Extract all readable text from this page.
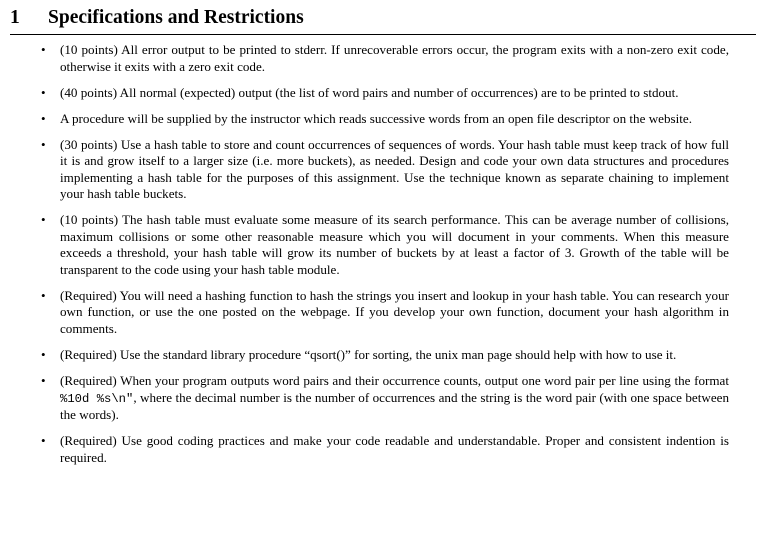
1 Specifications and Restrictions
• (10 points) All error output to be printed to stderr. If unrecoverable errors occur, the program exits with a non-zero exit code, otherwise it exits with a zero exit code.
• (40 points) All normal (expected) output (the list of word pairs and number of occurrences) are to be printed to stdout.
• A procedure will be supplied by the instructor which reads successive words from an open file descriptor on the website.
• (30 points) Use a hash table to store and count occurrences of sequences of words. Your hash table must keep track of how full it is and grow itself to a larger size (i.e. more buckets), as needed. Design and code your own data structures and procedures implementing a hash table for the purposes of this assignment. Use the technique known as separate chaining to implement your hash table buckets.
• (10 points) The hash table must evaluate some measure of its search performance. This can be average number of collisions, maximum collisions or some other reasonable measure which you will document in your comments. When this measure exceeds a threshold, your hash table will grow its number of buckets by at least a factor of 3. Growth of the table will be transparent to the code using your hash table module.
• (Required) You will need a hashing function to hash the strings you insert and lookup in your hash table. You can research your own function, or use the one posted on the webpage. If you develop your own function, document your hash algorithm in comments.
• (Required) Use the standard library procedure “qsort()” for sorting, the unix man page should help with how to use it.
• (Required) When your program outputs word pairs and their occurrence counts, output one word pair per line using the format %10d %s\n", where the decimal number is the number of occurrences and the string is the word pair (with one space between the words).
• (Required) Use good coding practices and make your code readable and understandable. Proper and consistent indention is required.
